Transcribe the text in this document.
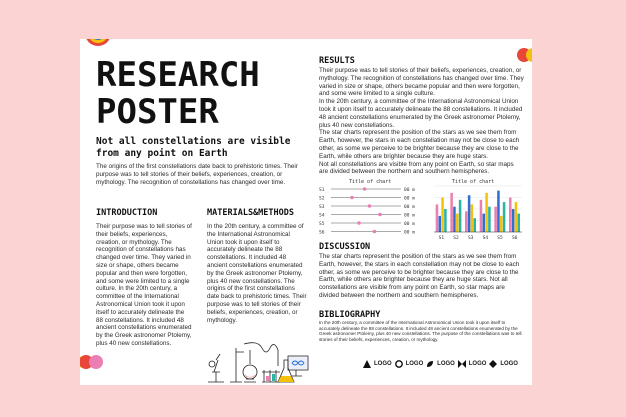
RESEARCH
POSTER
Not all constellations are visible from any point on Earth
The origins of the first constellations date back to prehistoric times. Their purpose was to tell stories of their beliefs, experiences, creation, or mythology. The recognition of constellations has changed over time.
INTRODUCTION
Their purpose was to tell stories of their beliefs, experiences, creation, or mythology. The recognition of constellations has changed over time. They varied in size or shape, others became popular and then were forgotten, and some were limited to a single culture. In the 20th century, a committee of the International Astronomical Union took it upon itself to accurately delineate the 88 constellations. It included 48 ancient constellations enumerated by the Greek astronomer Ptolemy, plus 40 new constellations.
MATERIALS&METHODS
In the 20th century, a committee of the International Astronomical Union took it upon itself to accurately delineate the 88 constellations. It included 48 ancient constellations enumerated by the Greek astronomer Ptolemy, plus 40 new constellations. The origins of the first constellations date back to prehistoric times. Their purpose was to tell stories of their beliefs, experiences, creation, or mythology.
RESULTS
Their purpose was to tell stories of their beliefs, experiences, creation, or mythology. The recognition of constellations has changed over time. They varied in size or shape, others became popular and then were forgotten, and some were limited to a single culture.
In the 20th century, a committee of the International Astronomical Union took it upon itself to accurately delineate the 88 constellations. It included 48 ancient constellations enumerated by the Greek astronomer Ptolemy, plus 40 new constellations.
The star charts represent the position of the stars as we see them from Earth, however, the stars in each constellation may not be close to each other, as some we perceive to be brighter because they are close to the Earth, while others are brighter because they are huge stars.
Not all constellations are visible from any point on Earth, so star maps are divided between the northern and southern hemispheres.
Title of chart
S1	00 m
S2	00 m
S3	00 m
S4	00 m
S5	00 m
S6	00 m
Title of chart
S1 S2 S3 S4 S5 S6
DISCUSSION
The star charts represent the position of the stars as we see them from Earth, however, the stars in each constellation may not be close to each other, as some we perceive to be brighter because they are close to the Earth, while others are brighter because they are huge stars. Not all constellations are visible from any point on Earth, so star maps are divided between the northern and southern hemispheres.
BIBLIOGRAPHY
In the 20th century, a committee of the International Astronomical Union took it upon itself to accurately delineate the 88 constellations. It included 48 ancient constellations enumerated by the Greek astronomer Ptolemy, plus 40 new constellations. The purpose of the constellations was to tell stories of their beliefs, experiences, creation, or mythology.
LOGO LOGO LOGO LOGO LOGO
